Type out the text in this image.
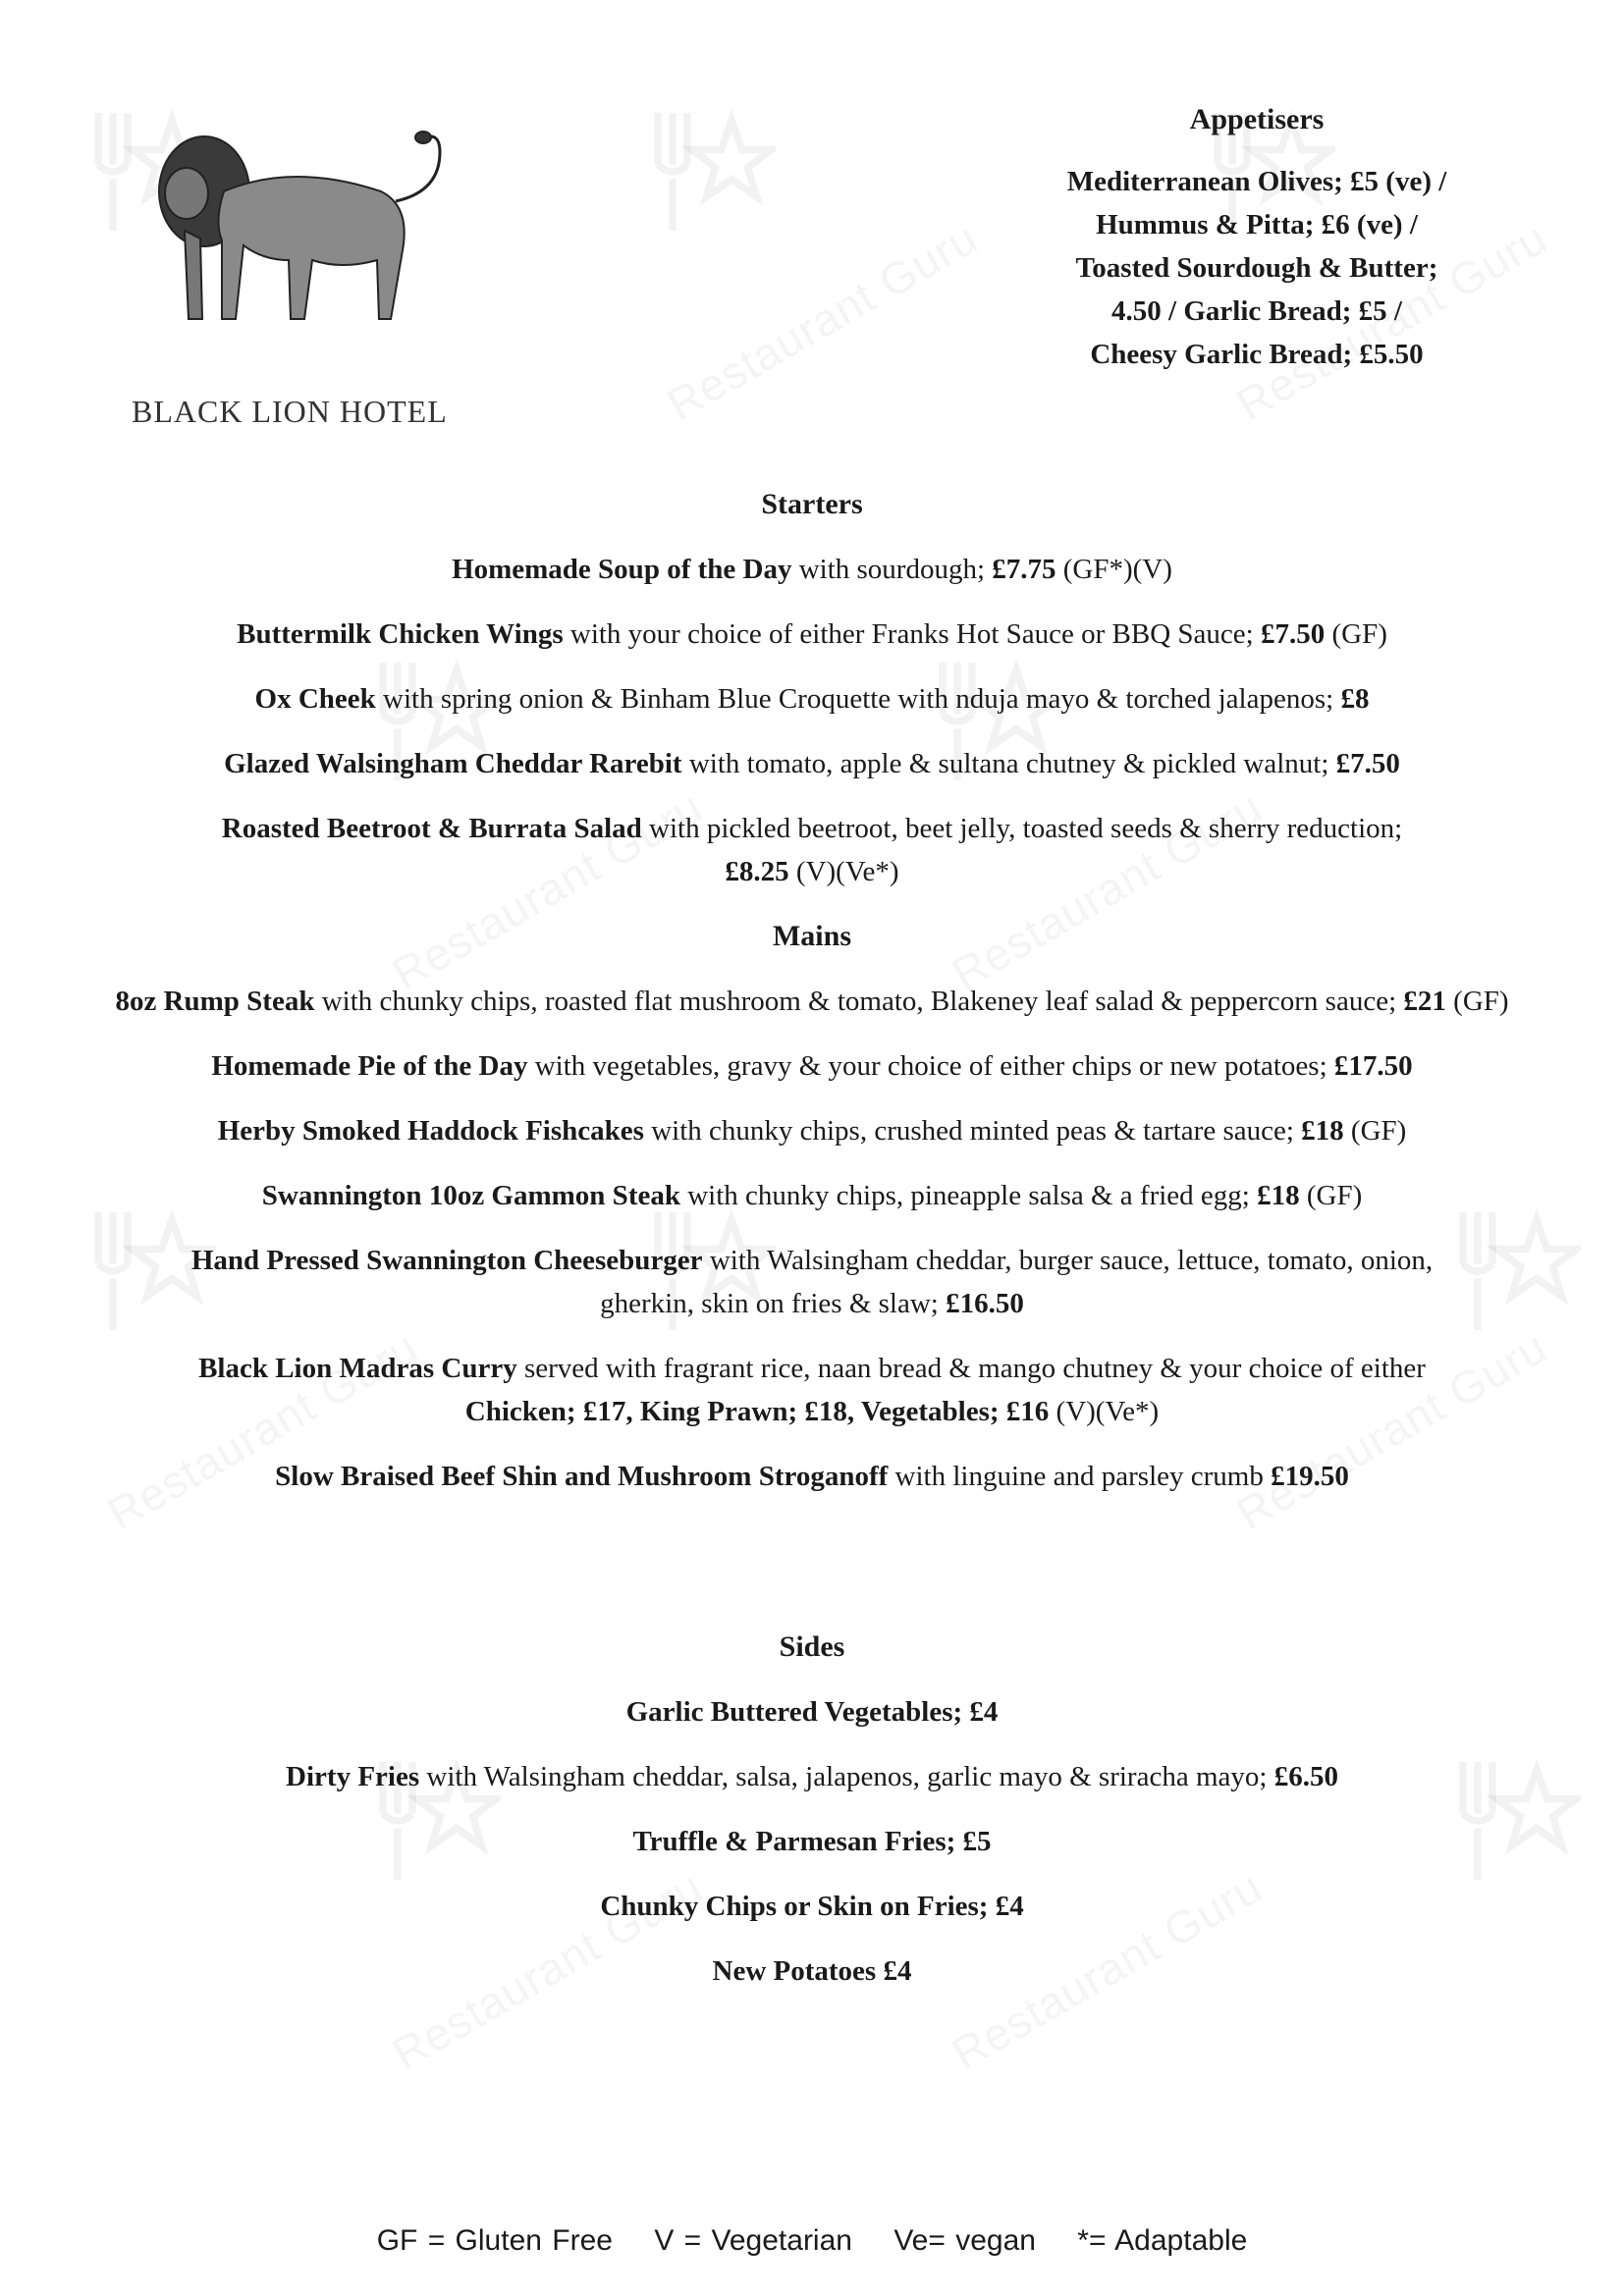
BLACK LION HOTEL
Appetisers
Mediterranean Olives; £5 (ve) /
Hummus & Pitta; £6 (ve) /
Toasted Sourdough & Butter;
4.50 / Garlic Bread; £5 /
Cheesy Garlic Bread; £5.50
Starters
Homemade Soup of the Day with sourdough; £7.75 (GF*)(V)
Buttermilk Chicken Wings with your choice of either Franks Hot Sauce or BBQ Sauce; £7.50 (GF)
Ox Cheek with spring onion & Binham Blue Croquette with nduja mayo & torched jalapenos; £8
Glazed Walsingham Cheddar Rarebit with tomato, apple & sultana chutney & pickled walnut; £7.50
Roasted Beetroot & Burrata Salad with pickled beetroot, beet jelly, toasted seeds & sherry reduction;
£8.25 (V)(Ve*)
Mains
8oz Rump Steak with chunky chips, roasted flat mushroom & tomato, Blakeney leaf salad & peppercorn sauce; £21 (GF)
Homemade Pie of the Day with vegetables, gravy & your choice of either chips or new potatoes; £17.50
Herby Smoked Haddock Fishcakes with chunky chips, crushed minted peas & tartare sauce; £18 (GF)
Swannington 10oz Gammon Steak with chunky chips, pineapple salsa & a fried egg; £18 (GF)
Hand Pressed Swannington Cheeseburger with Walsingham cheddar, burger sauce, lettuce, tomato, onion, gherkin, skin on fries & slaw; £16.50
Black Lion Madras Curry served with fragrant rice, naan bread & mango chutney & your choice of either
Chicken; £17, King Prawn; £18, Vegetables; £16 (V)(Ve*)
Slow Braised Beef Shin and Mushroom Stroganoff with linguine and parsley crumb £19.50
Sides
Garlic Buttered Vegetables; £4
Dirty Fries with Walsingham cheddar, salsa, jalapenos, garlic mayo & sriracha mayo; £6.50
Truffle & Parmesan Fries; £5
Chunky Chips or Skin on Fries; £4
New Potatoes £4
GF = Gluten Free V = Vegetarian Ve= vegan *= Adaptable
